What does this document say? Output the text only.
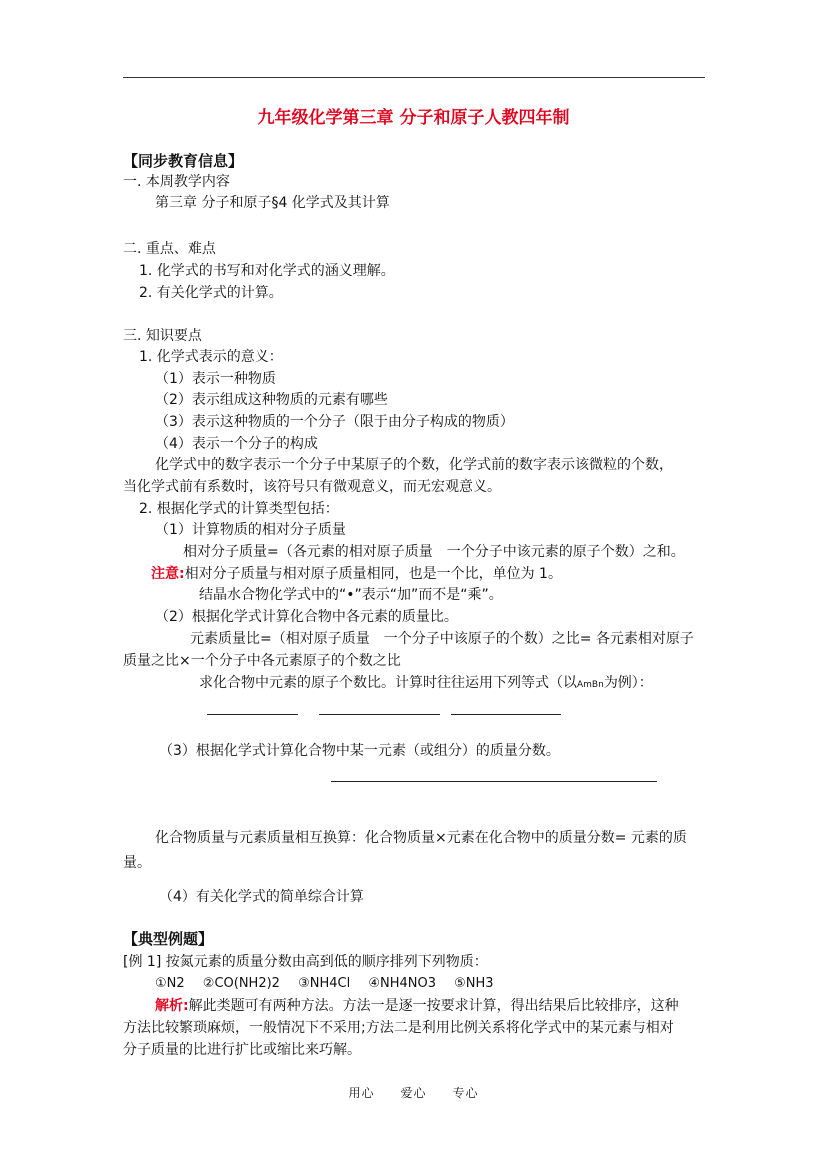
九年级化学第三章 分子和原子人教四年制
【同步教育信息】
一. 本周教学内容
第三章 分子和原子§4 化学式及其计算
二. 重点、难点
1. 化学式的书写和对化学式的涵义理解。
2. 有关化学式的计算。
三. 知识要点
1. 化学式表示的意义：
（1）表示一种物质
（2）表示组成这种物质的元素有哪些
（3）表示这种物质的一个分子（限于由分子构成的物质）
（4）表示一个分子的构成
化学式中的数字表示一个分子中某原子的个数，化学式前的数字表示该微粒的个数，
当化学式前有系数时，该符号只有微观意义，而无宏观意义。
2. 根据化学式的计算类型包括：
（1）计算物质的相对分子质量
相对分子质量=（各元素的相对原子质量　一个分子中该元素的原子个数）之和。
注意:相对分子质量与相对原子质量相同，也是一个比，单位为 1。
结晶水合物化学式中的“•”表示“加”而不是“乘”。
（2）根据化学式计算化合物中各元素的质量比。
元素质量比=（相对原子质量　一个分子中该原子的个数）之比= 各元素相对原子
质量之比×一个分子中各元素原子的个数之比
求化合物中元素的原子个数比。计算时往往运用下列等式（以AmBn为例）：
（3）根据化学式计算化合物中某一元素（或组分）的质量分数。
化合物质量与元素质量相互换算：化合物质量×元素在化合物中的质量分数= 元素的质
量。
（4）有关化学式的简单综合计算
【典型例题】
[例 1] 按氮元素的质量分数由高到低的顺序排列下列物质：
①N2 ②CO(NH2)2 ③NH4Cl ④NH4NO3 ⑤NH3
解析:解此类题可有两种方法。方法一是逐一按要求计算，得出结果后比较排序，这种
方法比较繁琐麻烦，一般情况下不采用;方法二是利用比例关系将化学式中的某元素与相对
分子质量的比进行扩比或缩比来巧解。
用心　　爱心　　专心
